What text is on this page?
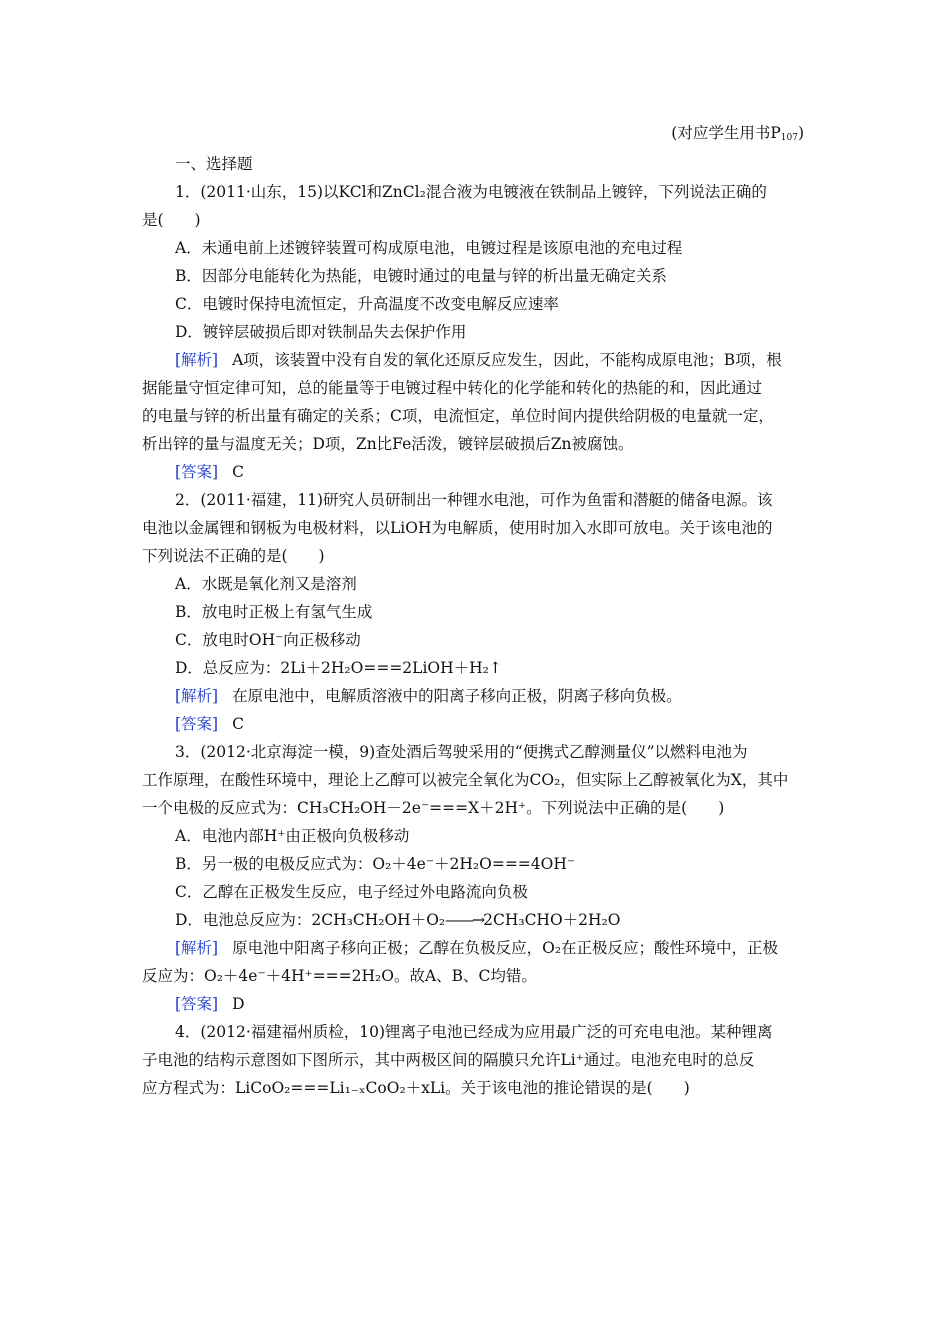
(对应学生用书$P_{107}$)
一、选择题
1．(2011·山东，15)以KCl和ZnCl₂混合液为电镀液在铁制品上镀锌，下列说法正确的
是(　　)
A．未通电前上述镀锌装置可构成原电池，电镀过程是该原电池的充电过程
B．因部分电能转化为热能，电镀时通过的电量与锌的析出量无确定关系
C．电镀时保持电流恒定，升高温度不改变电解反应速率
D．镀锌层破损后即对铁制品失去保护作用
[解析] A项，该装置中没有自发的氧化还原反应发生，因此，不能构成原电池；B项，根
据能量守恒定律可知，总的能量等于电镀过程中转化的化学能和转化的热能的和，因此通过
的电量与锌的析出量有确定的关系；C项，电流恒定，单位时间内提供给阴极的电量就一定，
析出锌的量与温度无关；D项，Zn比Fe活泼，镀锌层破损后Zn被腐蚀。
[答案] C
2．(2011·福建，11)研究人员研制出一种锂水电池，可作为鱼雷和潜艇的储备电源。该
电池以金属锂和钢板为电极材料，以LiOH为电解质，使用时加入水即可放电。关于该电池的
下列说法不正确的是(　　)
A．水既是氧化剂又是溶剂
B．放电时正极上有氢气生成
C．放电时OH⁻向正极移动
D．总反应为：2Li＋2H₂O===2LiOH＋H₂↑
[解析] 在原电池中，电解质溶液中的阳离子移向正极，阴离子移向负极。
[答案] C
3．(2012·北京海淀一模，9)查处酒后驾驶采用的“便携式乙醇测量仪”以燃料电池为
工作原理，在酸性环境中，理论上乙醇可以被完全氧化为CO₂，但实际上乙醇被氧化为X，其中
一个电极的反应式为：CH₃CH₂OH－2e⁻===X＋2H⁺。下列说法中正确的是(　　)
A．电池内部H⁺由正极向负极移动
B．另一极的电极反应式为：O₂＋4e⁻＋2H₂O===4OH⁻
C．乙醇在正极发生反应，电子经过外电路流向负极
D．电池总反应为：2CH₃CH₂OH＋O₂——→2CH₃CHO＋2H₂O
[解析] 原电池中阳离子移向正极；乙醇在负极反应，O₂在正极反应；酸性环境中，正极
反应为：O₂＋4e⁻＋4H⁺===2H₂O。故A、B、C均错。
[答案] D
4．(2012·福建福州质检，10)锂离子电池已经成为应用最广泛的可充电电池。某种锂离
子电池的结构示意图如下图所示，其中两极区间的隔膜只允许Li⁺通过。电池充电时的总反
应方程式为：LiCoO₂===Li₁₋ₓCoO₂＋xLi。关于该电池的推论错误的是(　　)
